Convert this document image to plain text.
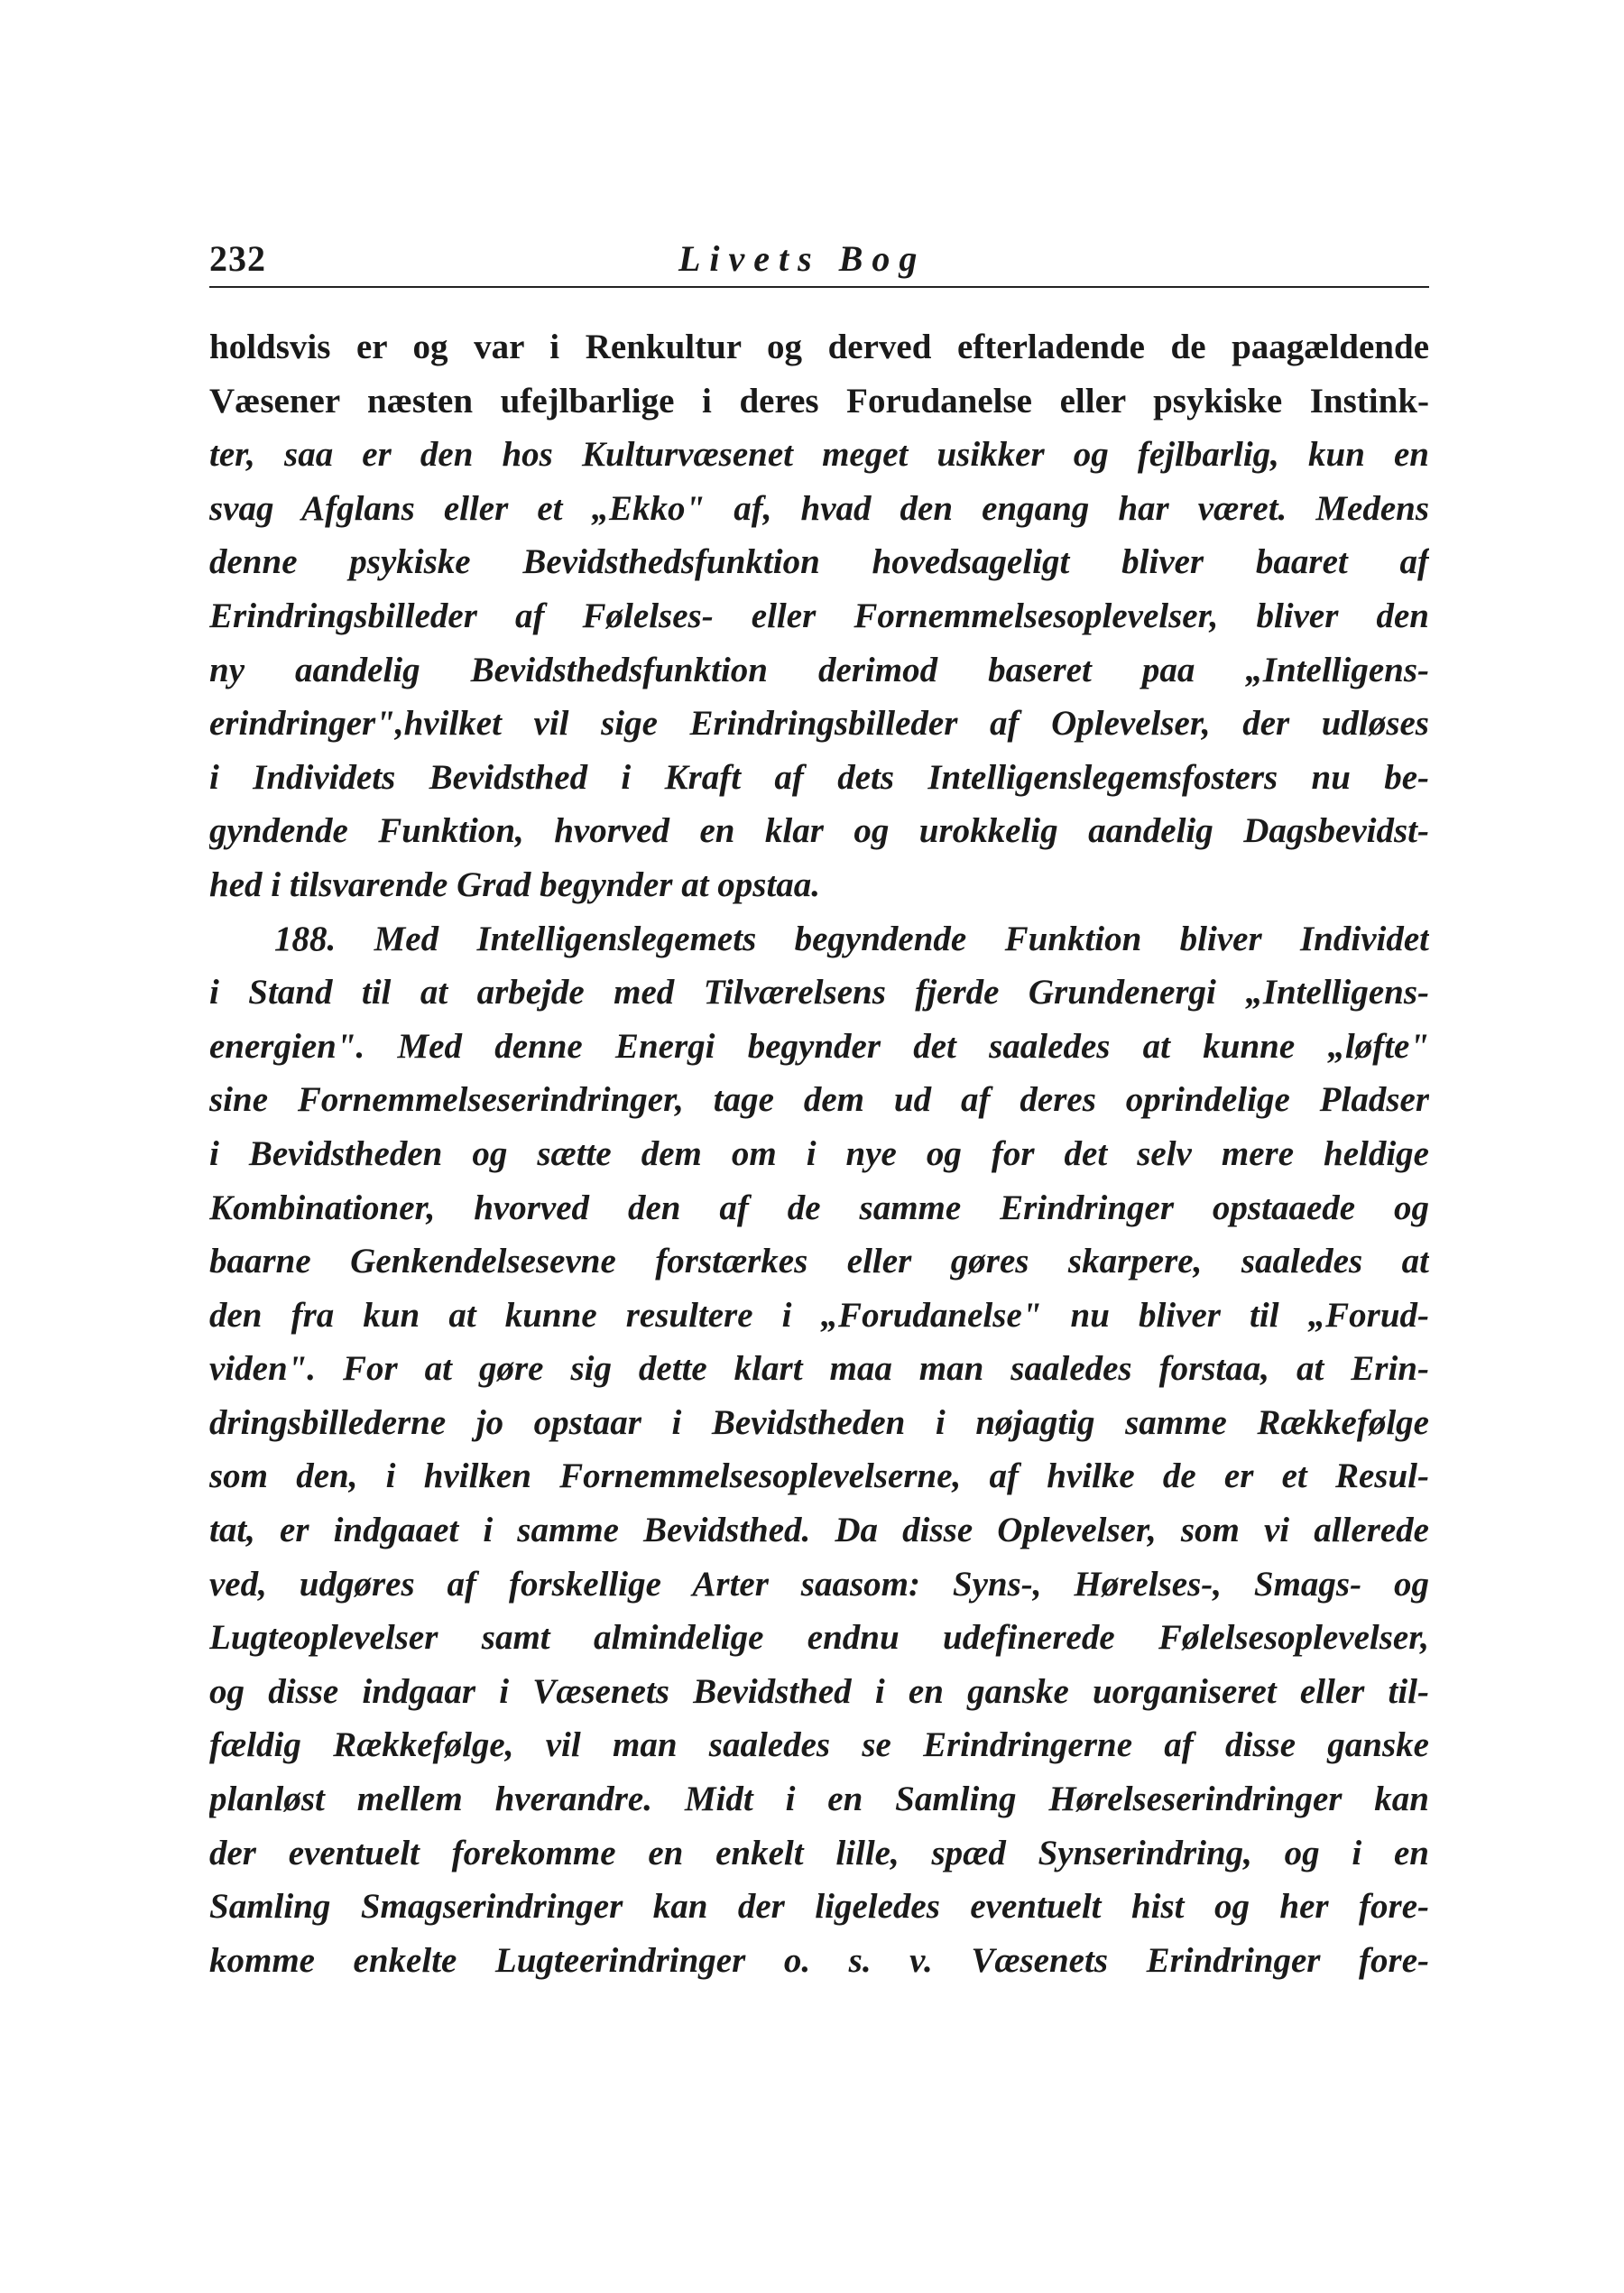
232	Livets Bog
holdsvis er og var i Renkultur og derved efterladende de paagældende
Væsener næsten ufejlbarlige i deres Forudanelse eller psykiske Instink-
ter, saa er den hos Kulturvæsenet meget usikker og fejlbarlig, kun en
svag Afglans eller et „Ekko" af, hvad den engang har været. Medens
denne psykiske Bevidsthedsfunktion hovedsageligt bliver baaret af
Erindringsbilleder af Følelses- eller Fornemmelsesoplevelser, bliver den
ny aandelig Bevidsthedsfunktion derimod baseret paa „Intelligens-
erindringer",hvilket vil sige Erindringsbilleder af Oplevelser, der udløses
i Individets Bevidsthed i Kraft af dets Intelligenslegemsfosters nu be-
gyndende Funktion, hvorved en klar og urokkelig aandelig Dagsbevidst-
hed i tilsvarende Grad begynder at opstaa.
188. Med Intelligenslegemets begyndende Funktion bliver Individet
i Stand til at arbejde med Tilværelsens fjerde Grundenergi „Intelligens-
energien". Med denne Energi begynder det saaledes at kunne „løfte"
sine Fornemmelseserindringer, tage dem ud af deres oprindelige Pladser
i Bevidstheden og sætte dem om i nye og for det selv mere heldige
Kombinationer, hvorved den af de samme Erindringer opstaaede og
baarne Genkendelsesevne forstærkes eller gøres skarpere, saaledes at
den fra kun at kunne resultere i „Forudanelse" nu bliver til „Forud-
viden". For at gøre sig dette klart maa man saaledes forstaa, at Erin-
dringsbillederne jo opstaar i Bevidstheden i nøjagtig samme Rækkefølge
som den, i hvilken Fornemmelsesoplevelserne, af hvilke de er et Resul-
tat, er indgaaet i samme Bevidsthed. Da disse Oplevelser, som vi allerede
ved, udgøres af forskellige Arter saasom: Syns-, Hørelses-, Smags- og
Lugteoplevelser samt almindelige endnu udefinerede Følelsesoplevelser,
og disse indgaar i Væsenets Bevidsthed i en ganske uorganiseret eller til-
fældig Rækkefølge, vil man saaledes se Erindringerne af disse ganske
planløst mellem hverandre. Midt i en Samling Hørelseserindringer kan
der eventuelt forekomme en enkelt lille, spæd Synserindring, og i en
Samling Smagserindringer kan der ligeledes eventuelt hist og her fore-
komme enkelte Lugteerindringer o. s. v. Væsenets Erindringer fore-
